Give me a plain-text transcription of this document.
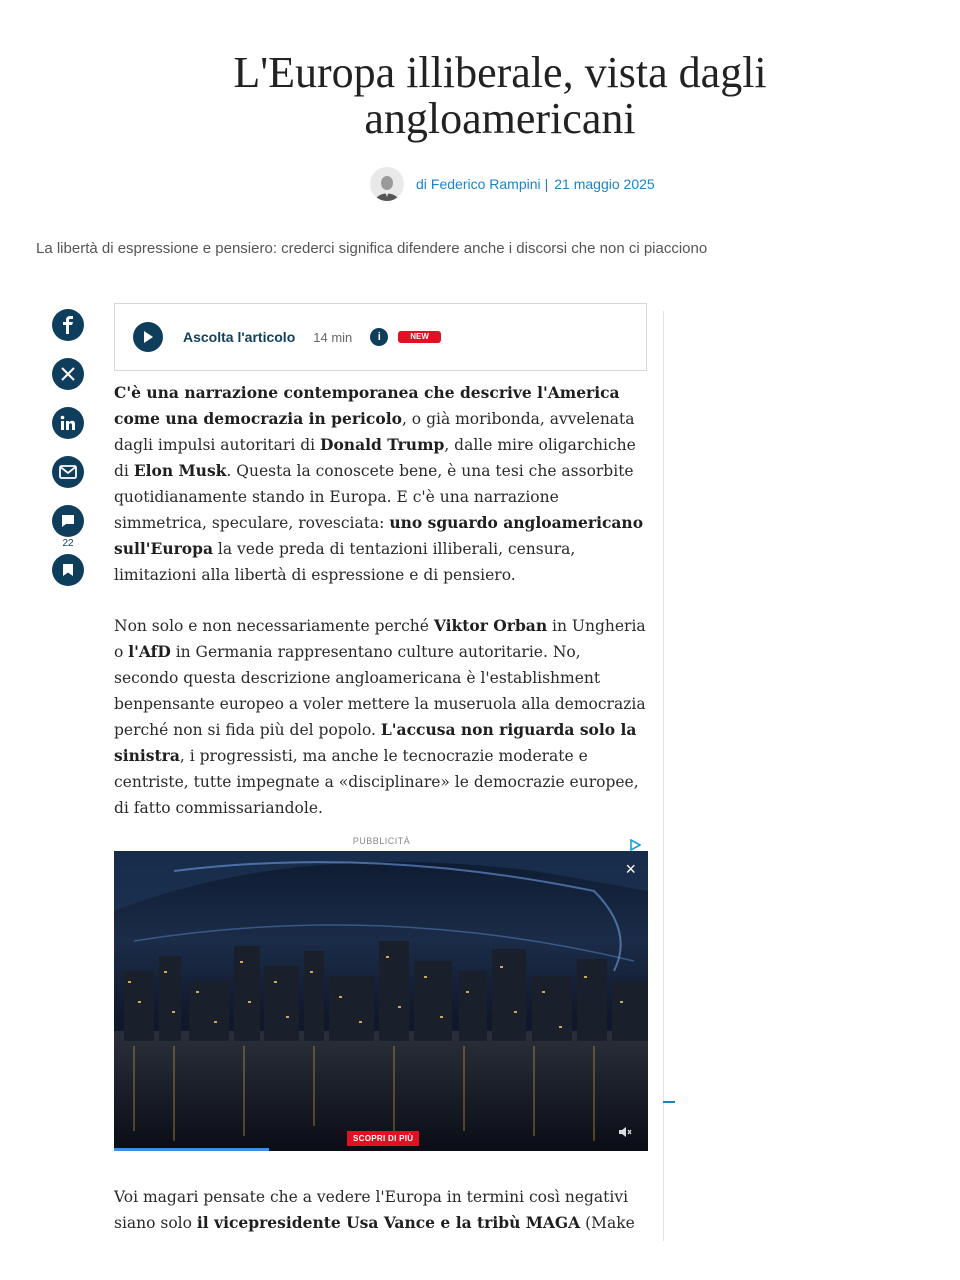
L'Europa illiberale, vista dagli angloamericani
di Federico Rampini | 21 maggio 2025
La libertà di espressione e pensiero: crederci significa difendere anche i discorsi che non ci piacciono
22
Ascolta l'articolo 14 min	i	NEW

C'è una narrazione contemporanea che descrive l'America come una democrazia in pericolo, o già moribonda, avvelenata dagli impulsi autoritari di Donald Trump, dalle mire oligarchiche di Elon Musk. Questa la conoscete bene, è una tesi che assorbite quotidianamente stando in Europa. E c'è una narrazione simmetrica, speculare, rovesciata: uno sguardo angloamericano sull'Europa la vede preda di tentazioni illiberali, censura, limitazioni alla libertà di espressione e di pensiero.

Non solo e non necessariamente perché Viktor Orban in Ungheria o l'AfD in Germania rappresentano culture autoritarie. No, secondo questa descrizione angloamericana è l'establishment benpensante europeo a voler mettere la museruola alla democrazia perché non si fida più del popolo. L'accusa non riguarda solo la sinistra, i progressisti, ma anche le tecnocrazie moderate e centriste, tutte impegnate a «disciplinare» le democrazie europee, di fatto commissariandole.

PUBBLICITÀ
×
SCOPRI DI PIÙ

Voi magari pensate che a vedere l'Europa in termini così negativi siano solo il vicepresidente Usa Vance e la tribù MAGA (Make
